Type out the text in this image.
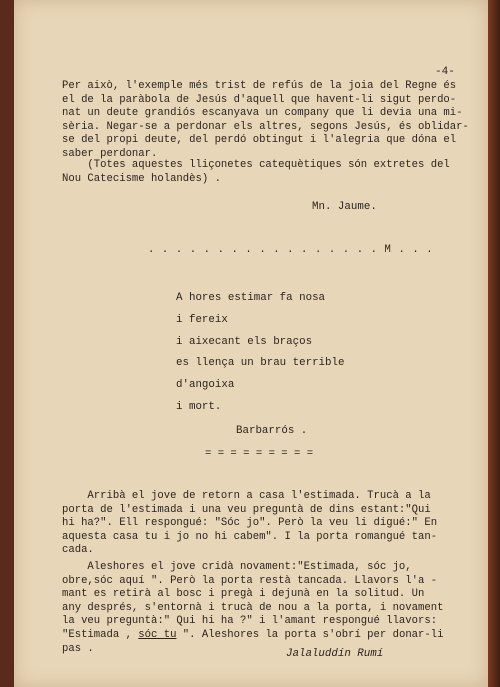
-4-
Per això, l'exemple més trist de refús de la joia del Regne és
el de la paràbola de Jesús d'aquell que havent-li sigut perdo-
nat un deute grandiós escanyava un company que li devia una mi-
sèria. Negar-se a perdonar els altres, segons Jesús, és oblidar-
se del propi deute, del perdó obtingut i l'alegria que dóna el
saber perdonar.
(Totes aquestes lliçonetes catequètiques són extretes del
Nou Catecisme holandès) .
Mn. Jaume.
. . . . . . . . . . . . . . . . . M . . .
A hores estimar fa nosa
i fereix
i aixecant els braços
es llença un brau terrible
d'angoixa
i mort.
Barbarrós .
= = = = = = = = =
Arribà el jove de retorn a casa l'estimada. Trucà a la
porta de l'estimada i una veu preguntà de dins estant:"Qui
hi ha?". Ell respongué: "Sóc jo". Però la veu li digué:" En
aquesta casa tu i jo no hi cabem". I la porta romangué tan-
cada.
Aleshores el jove cridà novament:"Estimada, sóc jo,
obre,sóc aquí ". Però la porta restà tancada. Llavors l'a -
mant es retirà al bosc i pregà i dejunà en la solitud. Un
any després, s'entornà i trucà de nou a la porta, i novament
la veu preguntà:" Qui hi ha ?" i l'amant respongué llavors:
"Estimada , sóc tu ". Aleshores la porta s'obrí per donar-li
pas .	Jalaluddín Rumí
